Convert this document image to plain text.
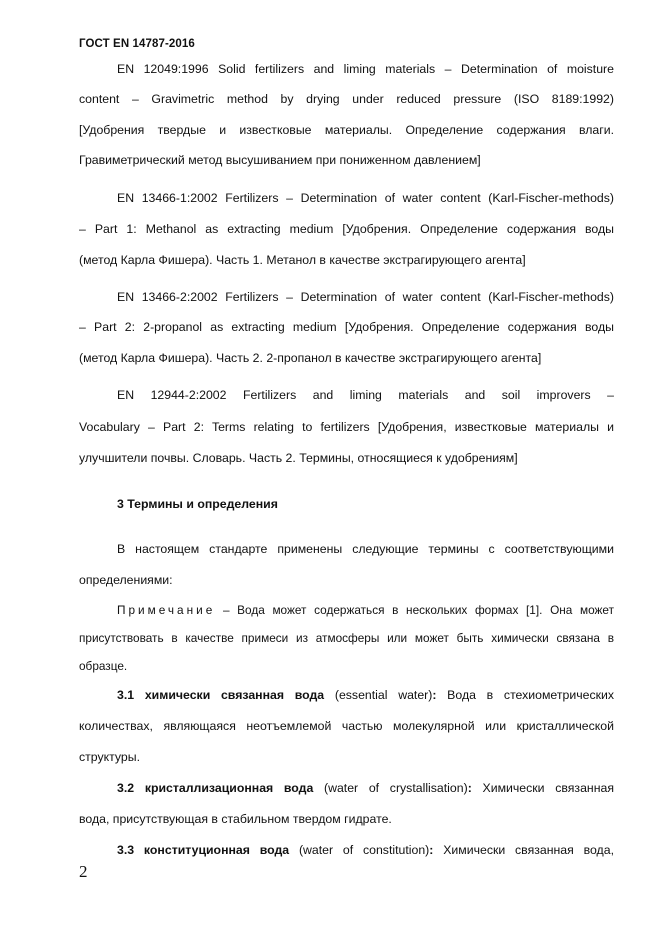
ГОСТ EN 14787-2016
EN 12049:1996 Solid fertilizers and liming materials – Determination of moisture
content – Gravimetric method by drying under reduced pressure (ISO 8189:1992)
[Удобрения твердые и известковые материалы. Определение содержания влаги.
Гравиметрический метод высушиванием при пониженном давлением]
EN 13466-1:2002 Fertilizers – Determination of water content (Karl-Fischer-methods)
– Part 1: Methanol as extracting medium [Удобрения. Определение содержания воды
(метод Карла Фишера). Часть 1. Метанол в качестве экстрагирующего агента]
EN 13466-2:2002 Fertilizers – Determination of water content (Karl-Fischer-methods)
– Part 2: 2-propanol as extracting medium [Удобрения. Определение содержания воды
(метод Карла Фишера). Часть 2. 2-пропанол в качестве экстрагирующего агента]
EN 12944-2:2002 Fertilizers and liming materials and soil improvers –
Vocabulary – Part 2: Terms relating to fertilizers [Удобрения, известковые материалы и
улучшители почвы. Словарь. Часть 2. Термины, относящиеся к удобрениям]
3 Термины и определения
В настоящем стандарте применены следующие термины с соответствующими
определениями:
Примечание – Вода может содержаться в нескольких формах [1]. Она может
присутствовать в качестве примеси из атмосферы или может быть химически связана в
образце.
3.1 химически связанная вода (essential water): Вода в стехиометрических
количествах, являющаяся неотъемлемой частью молекулярной или кристаллической
структуры.
3.2 кристаллизационная вода (water of crystallisation): Химически связанная
вода, присутствующая в стабильном твердом гидрате.
3.3 конституционная вода (water of constitution): Химически связанная вода,
2
